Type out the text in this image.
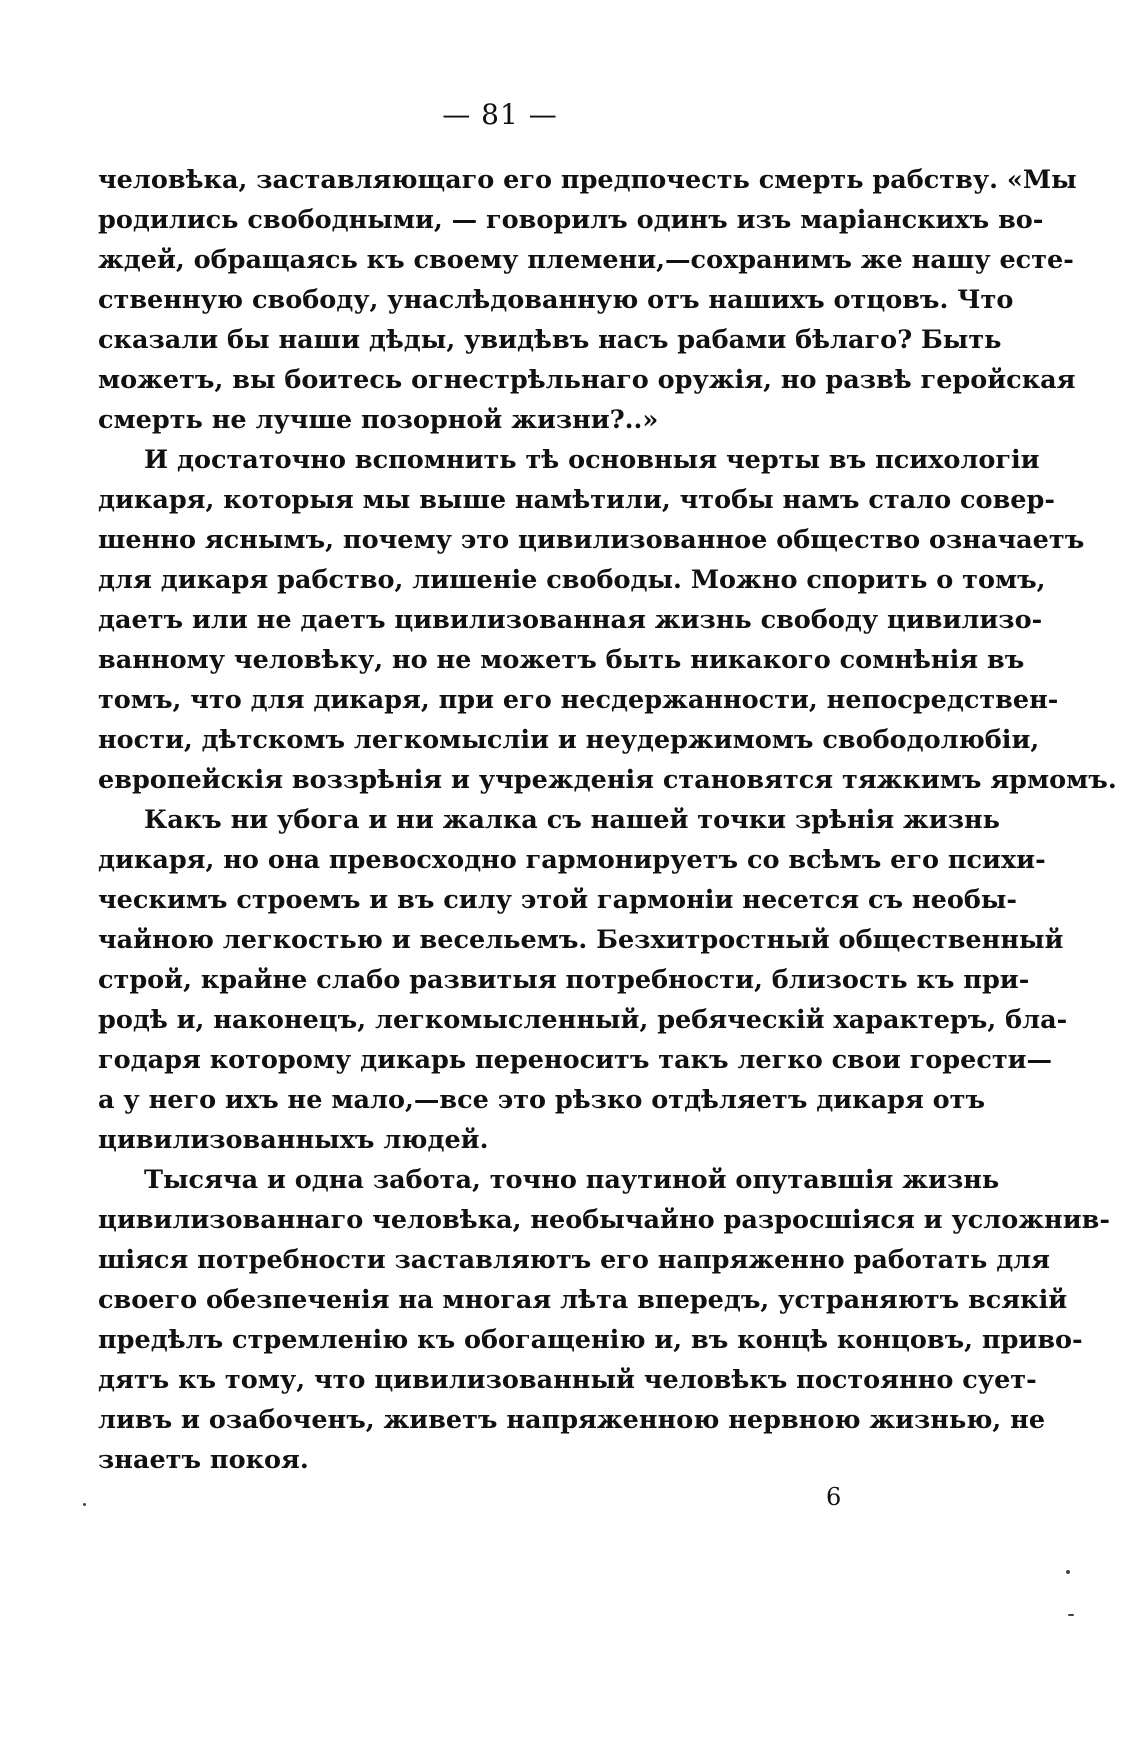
— 81 —
человѣка, заставляющаго его предпочесть смерть рабству. «Мы
родились свободными, — говорилъ одинъ изъ маріанскихъ во-
ждей, обращаясь къ своему племени,—сохранимъ же нашу есте-
ственную свободу, унаслѣдованную отъ нашихъ отцовъ. Что
сказали бы наши дѣды, увидѣвъ насъ рабами бѣлаго? Быть
можетъ, вы боитесь огнестрѣльнаго оружія, но развѣ геройская
смерть не лучше позорной жизни?..»
И достаточно вспомнить тѣ основныя черты въ психологіи
дикаря, которыя мы выше намѣтили, чтобы намъ стало совер-
шенно яснымъ, почему это цивилизованное общество означаетъ
для дикаря рабство, лишеніе свободы. Можно спорить о томъ,
даетъ или не даетъ цивилизованная жизнь свободу цивилизо-
ванному человѣку, но не можетъ быть никакого сомнѣнія въ
томъ, что для дикаря, при его несдержанности, непосредствен-
ности, дѣтскомъ легкомысліи и неудержимомъ свободолюбіи,
европейскія воззрѣнія и учрежденія становятся тяжкимъ ярмомъ.
Какъ ни убога и ни жалка съ нашей точки зрѣнія жизнь
дикаря, но она превосходно гармонируетъ со всѣмъ его психи-
ческимъ строемъ и въ силу этой гармоніи несется съ необы-
чайною легкостью и весельемъ. Безхитростный общественный
строй, крайне слабо развитыя потребности, близость къ при-
родѣ и, наконецъ, легкомысленный, ребяческій характеръ, бла-
годаря которому дикарь переноситъ такъ легко свои горести—
а у него ихъ не мало,—все это рѣзко отдѣляетъ дикаря отъ
цивилизованныхъ людей.
Тысяча и одна забота, точно паутиной опутавшія жизнь
цивилизованнаго человѣка, необычайно разросшіяся и усложнив-
шіяся потребности заставляютъ его напряженно работать для
своего обезпеченія на многая лѣта впередъ, устраняютъ всякій
предѣлъ стремленію къ обогащенію и, въ концѣ концовъ, приво-
дятъ къ тому, что цивилизованный человѣкъ постоянно сует-
ливъ и озабоченъ, живетъ напряженною нервною жизнью, не
знаетъ покоя.
6
